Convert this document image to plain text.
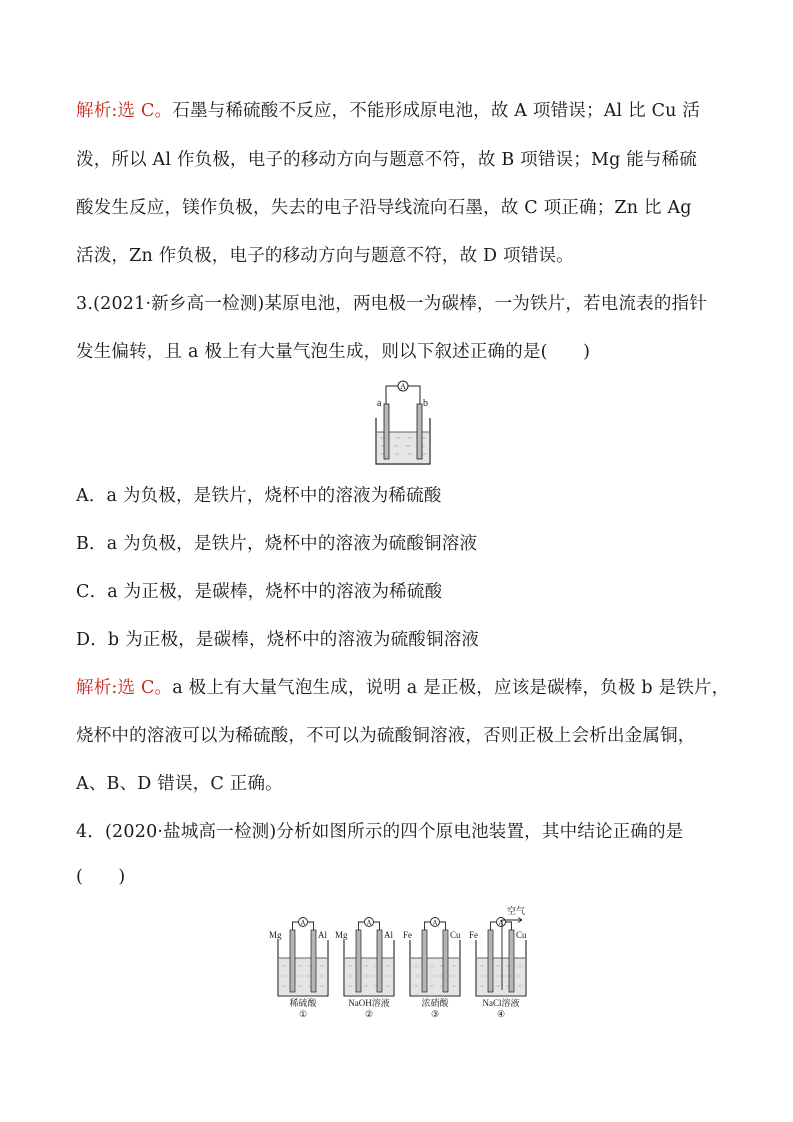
解析:选 C。石墨与稀硫酸不反应，不能形成原电池，故 A 项错误；Al 比 Cu 活
泼，所以 Al 作负极，电子的移动方向与题意不符，故 B 项错误；Mg 能与稀硫
酸发生反应，镁作负极，失去的电子沿导线流向石墨，故 C 项正确；Zn 比 Ag
活泼，Zn 作负极，电子的移动方向与题意不符，故 D 项错误。
3.(2021·新乡高一检测)某原电池，两电极一为碳棒，一为铁片，若电流表的指针
发生偏转，且 a 极上有大量气泡生成，则以下叙述正确的是(　　)
A
a	b
A．a 为负极，是铁片，烧杯中的溶液为稀硫酸
B．a 为负极，是铁片，烧杯中的溶液为硫酸铜溶液
C．a 为正极，是碳棒，烧杯中的溶液为稀硫酸
D．b 为正极，是碳棒，烧杯中的溶液为硫酸铜溶液
解析:选 C。a 极上有大量气泡生成，说明 a 是正极，应该是碳棒，负极 b 是铁片，
烧杯中的溶液可以为稀硫酸，不可以为硫酸铜溶液，否则正极上会析出金属铜，
A、B、D 错误，C 正确。
4．(2020·盐城高一检测)分析如图所示的四个原电池装置，其中结论正确的是
(　　)
A
Mg	Al
稀硫酸
①
A
Mg	Al
NaOH溶液
②
A
Fe	Cu
浓硝酸
③
空气
A
Fe	Cu
NaCl溶液
④
